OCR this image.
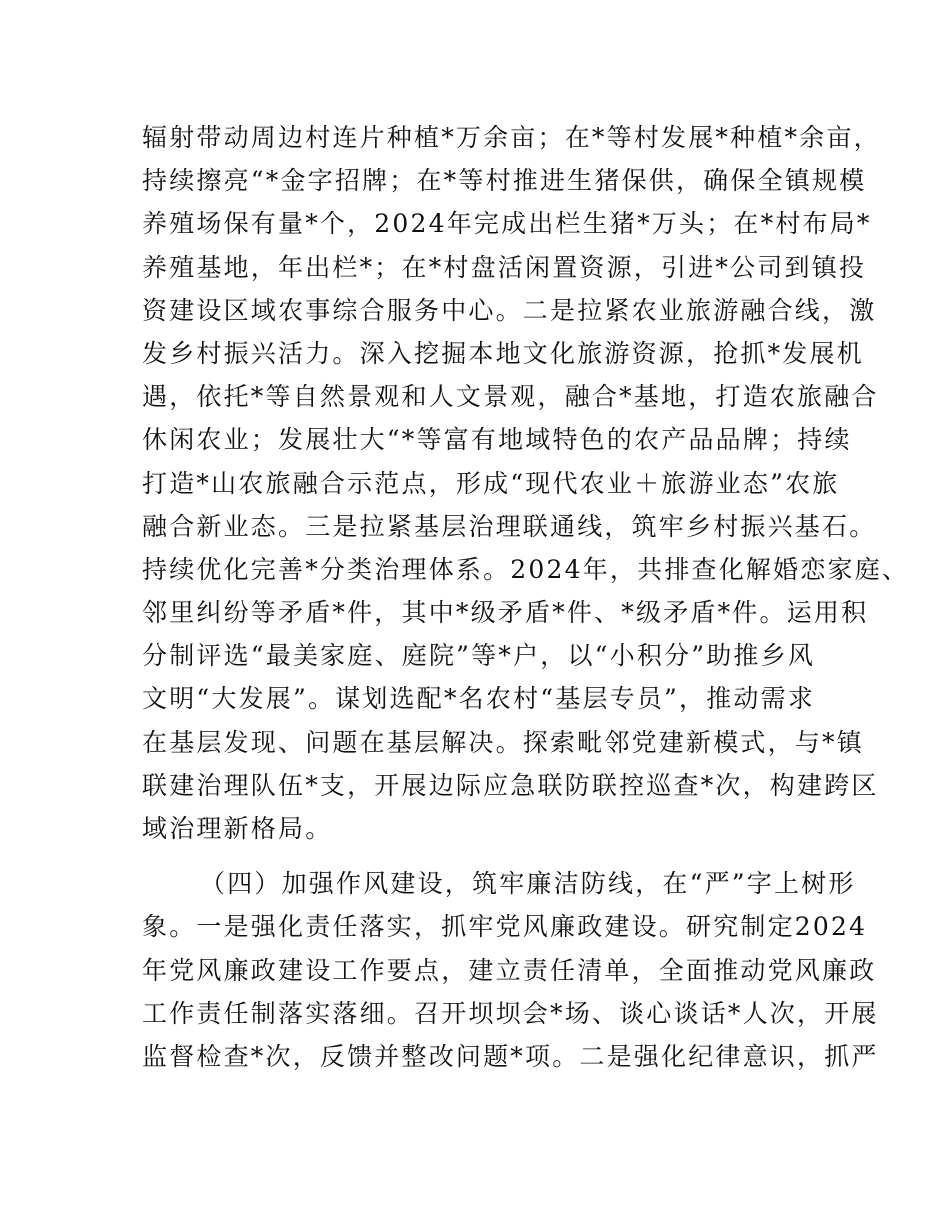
辐射带动周边村连片种植*万余亩；在*等村发展*种植*余亩，
持续擦亮“*金字招牌；在*等村推进生猪保供，确保全镇规模
养殖场保有量*个，2024年完成出栏生猪*万头；在*村布局*
养殖基地，年出栏*；在*村盘活闲置资源，引进*公司到镇投
资建设区域农事综合服务中心。二是拉紧农业旅游融合线，激
发乡村振兴活力。深入挖掘本地文化旅游资源，抢抓*发展机
遇，依托*等自然景观和人文景观，融合*基地，打造农旅融合
休闲农业；发展壮大“*等富有地域特色的农产品品牌；持续
打造*山农旅融合示范点，形成“现代农业＋旅游业态”农旅
融合新业态。三是拉紧基层治理联通线，筑牢乡村振兴基石。
持续优化完善*分类治理体系。2024年，共排查化解婚恋家庭、
邻里纠纷等矛盾*件，其中*级矛盾*件、*级矛盾*件。运用积
分制评选“最美家庭、庭院”等*户，以“小积分”助推乡风
文明“大发展”。谋划选配*名农村“基层专员”，推动需求
在基层发现、问题在基层解决。探索毗邻党建新模式，与*镇
联建治理队伍*支，开展边际应急联防联控巡查*次，构建跨区
域治理新格局。
（四）加强作风建设，筑牢廉洁防线，在“严”字上树形
象。一是强化责任落实，抓牢党风廉政建设。研究制定2024
年党风廉政建设工作要点，建立责任清单，全面推动党风廉政
工作责任制落实落细。召开坝坝会*场、谈心谈话*人次，开展
监督检查*次，反馈并整改问题*项。二是强化纪律意识，抓严
